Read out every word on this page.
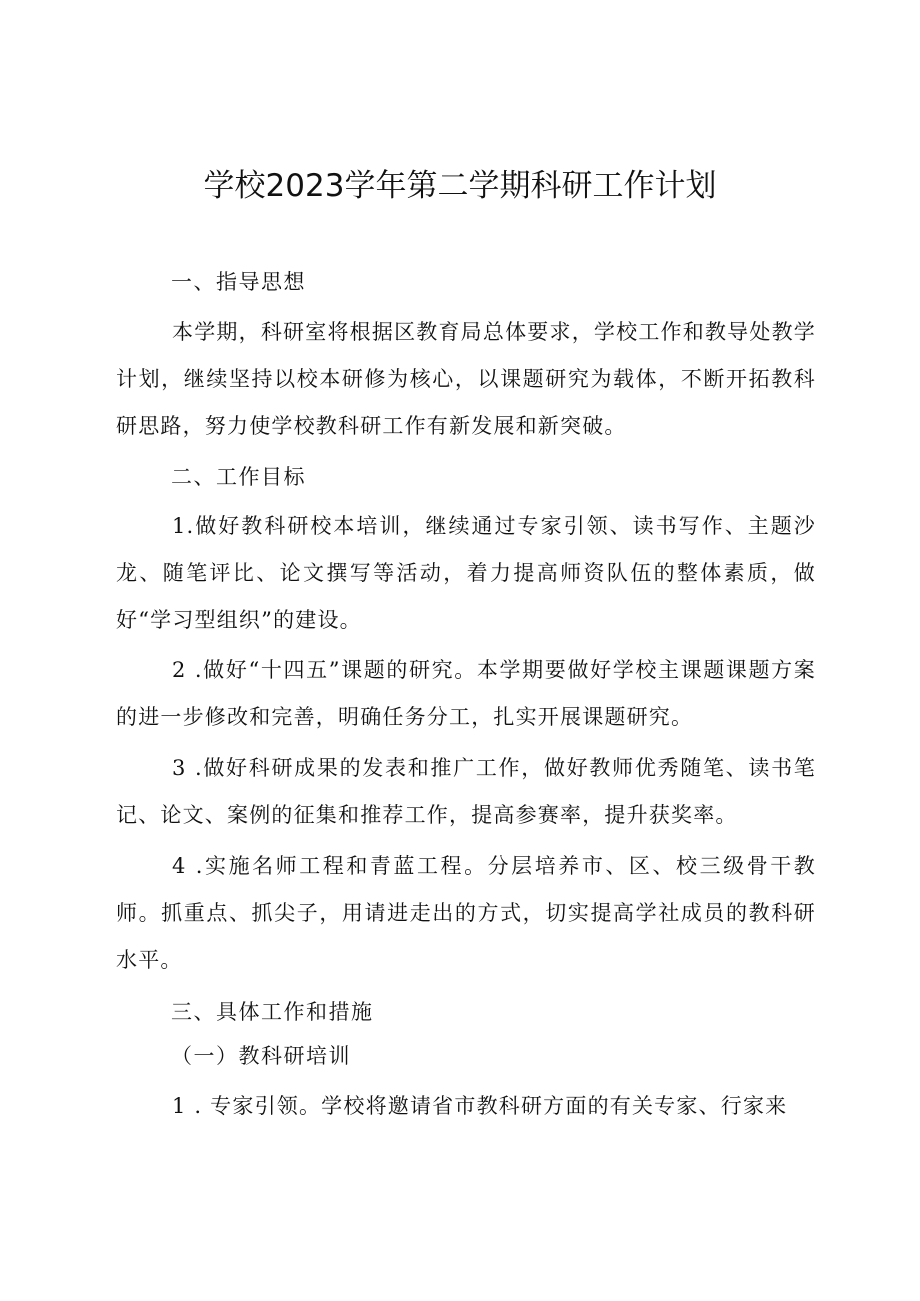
学校2023学年第二学期科研工作计划
一、指导思想

本学期，科研室将根据区教育局总体要求，学校工作和教导处教学计划，继续坚持以校本研修为核心，以课题研究为载体，不断开拓教科研思路，努力使学校教科研工作有新发展和新突破。

二、工作目标

1.做好教科研校本培训，继续通过专家引领、读书写作、主题沙龙、随笔评比、论文撰写等活动，着力提高师资队伍的整体素质，做好“学习型组织”的建设。

2 .做好“十四五”课题的研究。本学期要做好学校主课题课题方案的进一步修改和完善，明确任务分工，扎实开展课题研究。

3 .做好科研成果的发表和推广工作，做好教师优秀随笔、读书笔记、论文、案例的征集和推荐工作，提高参赛率，提升获奖率。

4 .实施名师工程和青蓝工程。分层培养市、区、校三级骨干教师。抓重点、抓尖子，用请进走出的方式，切实提高学社成员的教科研水平。

三、具体工作和措施
（一）教科研培训

1 . 专家引领。学校将邀请省市教科研方面的有关专家、行家来
